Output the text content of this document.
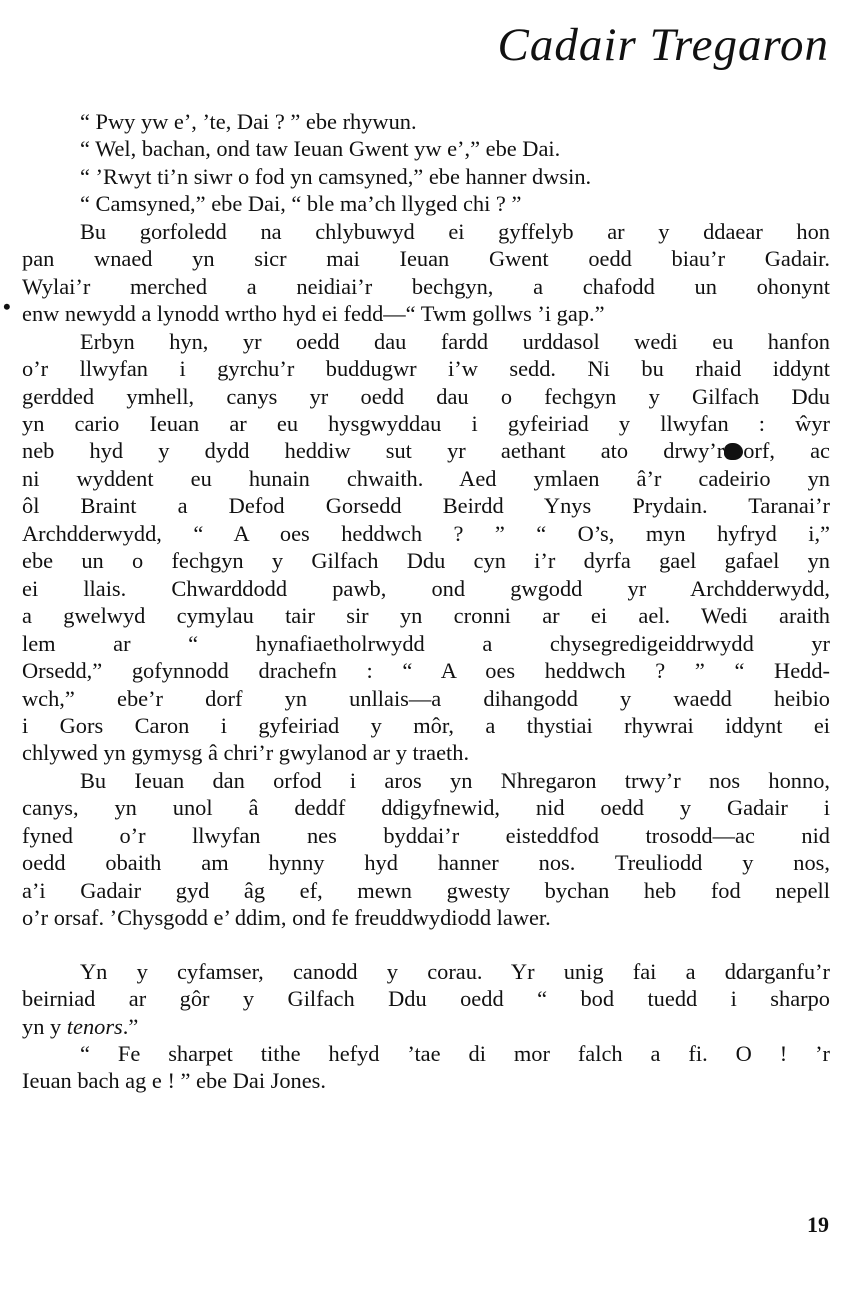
Cadair Tregaron
•
“ Pwy yw e’, ’te, Dai ? ” ebe rhywun.
“ Wel, bachan, ond taw Ieuan Gwent yw e’,” ebe Dai.
“ ’Rwyt ti’n siwr o fod yn camsyned,” ebe hanner dwsin.
“ Camsyned,” ebe Dai, “ ble ma’ch llyged chi ? ”
Bu gorfoledd na chlybuwyd ei gyffelyb ar y ddaear hon
pan wnaed yn sicr mai Ieuan Gwent oedd biau’r Gadair.
Wylai’r merched a neidiai’r bechgyn, a chafodd un ohonynt
enw newydd a lynodd wrtho hyd ei fedd—“ Twm gollws ’i gap.”
Erbyn hyn, yr oedd dau fardd urddasol wedi eu hanfon
o’r llwyfan i gyrchu’r buddugwr i’w sedd. Ni bu rhaid iddynt
gerdded ymhell, canys yr oedd dau o fechgyn y Gilfach Ddu
yn cario Ieuan ar eu hysgwyddau i gyfeiriad y llwyfan : ŵyr
neb hyd y dydd heddiw sut yr aethant ato drwy’r orf, ac
ni wyddent eu hunain chwaith. Aed ymlaen â’r cadeirio yn
ôl Braint a Defod Gorsedd Beirdd Ynys Prydain. Taranai’r
Archdderwydd, “ A oes heddwch ? ” “ O’s, myn hyfryd i,”
ebe un o fechgyn y Gilfach Ddu cyn i’r dyrfa gael gafael yn
ei llais. Chwarddodd pawb, ond gwgodd yr Archdderwydd,
a gwelwyd cymylau tair sir yn cronni ar ei ael. Wedi araith
lem ar “ hynafiaetholrwydd a chysegredigeiddrwydd yr
Orsedd,” gofynnodd drachefn : “ A oes heddwch ? ” “ Hedd-
wch,” ebe’r dorf yn unllais—a dihangodd y waedd heibio
i Gors Caron i gyfeiriad y môr, a thystiai rhywrai iddynt ei
chlywed yn gymysg â chri’r gwylanod ar y traeth.
Bu Ieuan dan orfod i aros yn Nhregaron trwy’r nos honno,
canys, yn unol â deddf ddigyfnewid, nid oedd y Gadair i
fyned o’r llwyfan nes byddai’r eisteddfod trosodd—ac nid
oedd obaith am hynny hyd hanner nos. Treuliodd y nos,
a’i Gadair gyd âg ef, mewn gwesty bychan heb fod nepell
o’r orsaf. ’Chysgodd e’ ddim, ond fe freuddwydiodd lawer.
Yn y cyfamser, canodd y corau. Yr unig fai a ddarganfu’r
beirniad ar gôr y Gilfach Ddu oedd “ bod tuedd i sharpo
yn y tenors.”
“ Fe sharpet tithe hefyd ’tae di mor falch a fi. O ! ’r
Ieuan bach ag e ! ” ebe Dai Jones.
19
